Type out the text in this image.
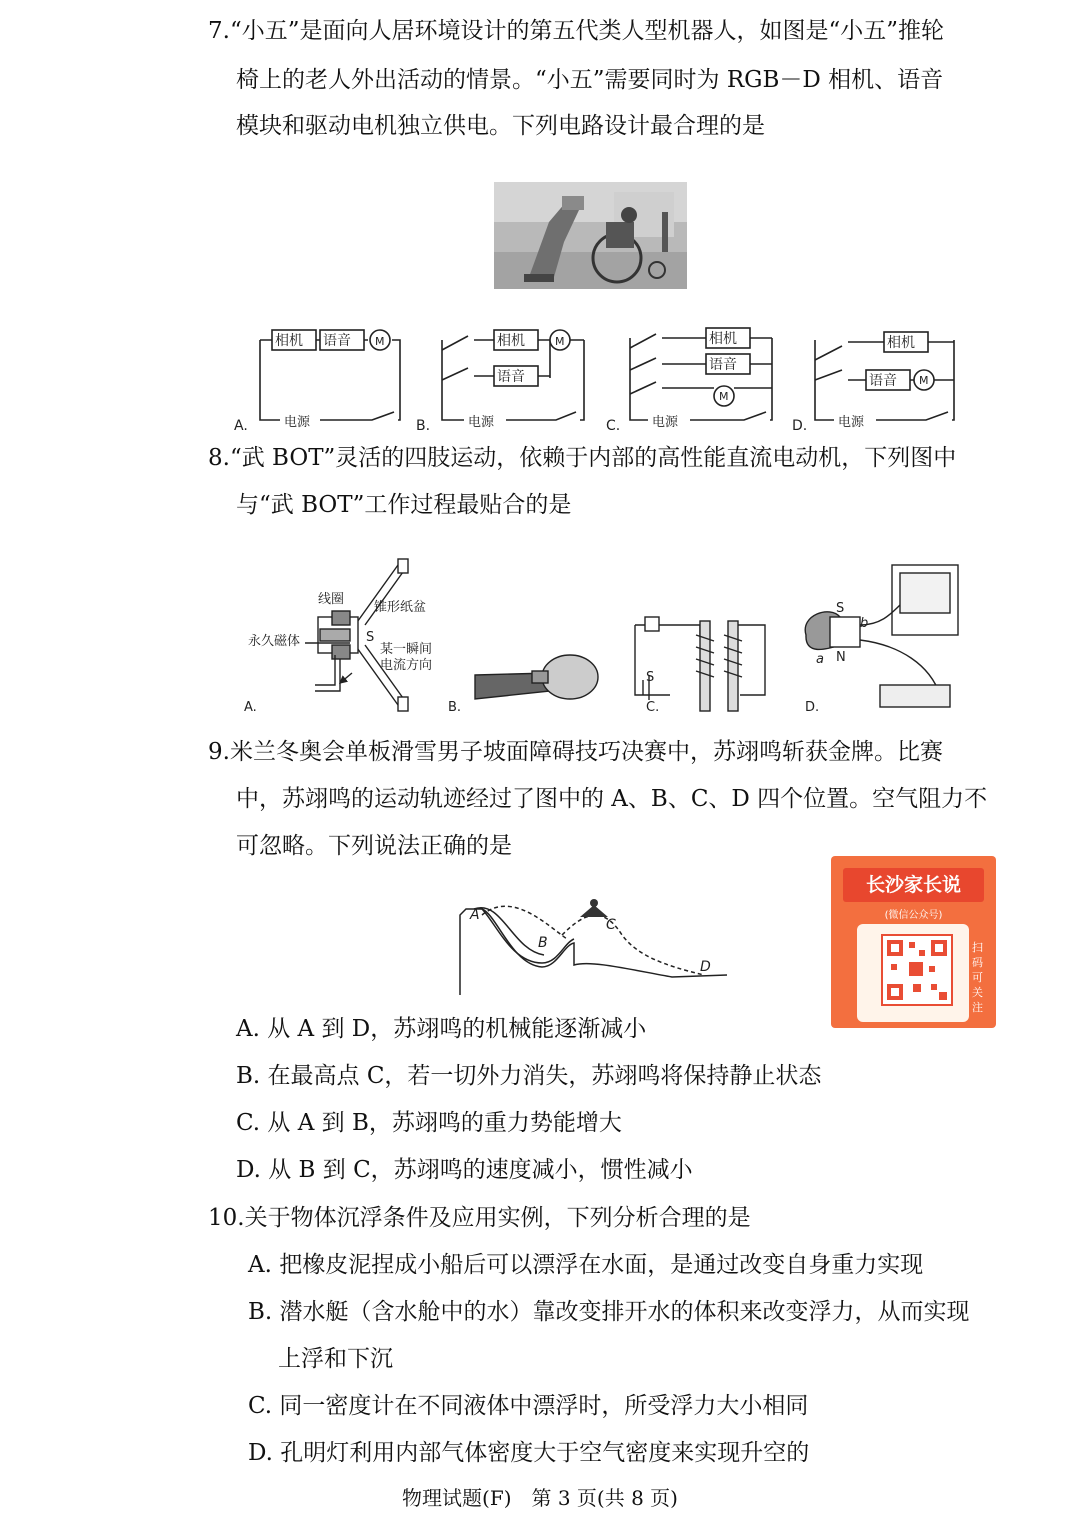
7.“小五”是面向人居环境设计的第五代类人型机器人，如图是“小五”推轮
椅上的老人外出活动的情景。“小五”需要同时为 RGB－D 相机、语音
模块和驱动电机独立供电。下列电路设计最合理的是
相机 语音 M
电源
相机
语音
M
电源
相机
语音
M
电源
相机
语音 M
电源
A.	B.	C.	D.
8.“武 BOT”灵活的四肢运动，依赖于内部的高性能直流电动机，下列图中
与“武 BOT”工作过程最贴合的是
线圈
锥形纸盆
永久磁体	S
某一瞬间
电流方向
S
S
N
a
b
A.	B.	C.	D.
9.米兰冬奥会单板滑雪男子坡面障碍技巧决赛中，苏翊鸣斩获金牌。比赛
中，苏翊鸣的运动轨迹经过了图中的 A、B、C、D 四个位置。空气阻力不
可忽略。下列说法正确的是
A
B
C
D
长沙家长说
(微信公众号)
扫码可关注
A. 从 A 到 D，苏翊鸣的机械能逐渐减小
B. 在最高点 C，若一切外力消失，苏翊鸣将保持静止状态
C. 从 A 到 B，苏翊鸣的重力势能增大
D. 从 B 到 C，苏翊鸣的速度减小，惯性减小
10.关于物体沉浮条件及应用实例，下列分析合理的是
A. 把橡皮泥捏成小船后可以漂浮在水面，是通过改变自身重力实现
B. 潜水艇（含水舱中的水）靠改变排开水的体积来改变浮力，从而实现
上浮和下沉
C. 同一密度计在不同液体中漂浮时，所受浮力大小相同
D. 孔明灯利用内部气体密度大于空气密度来实现升空的
物理试题(F)　第 3 页(共 8 页)
